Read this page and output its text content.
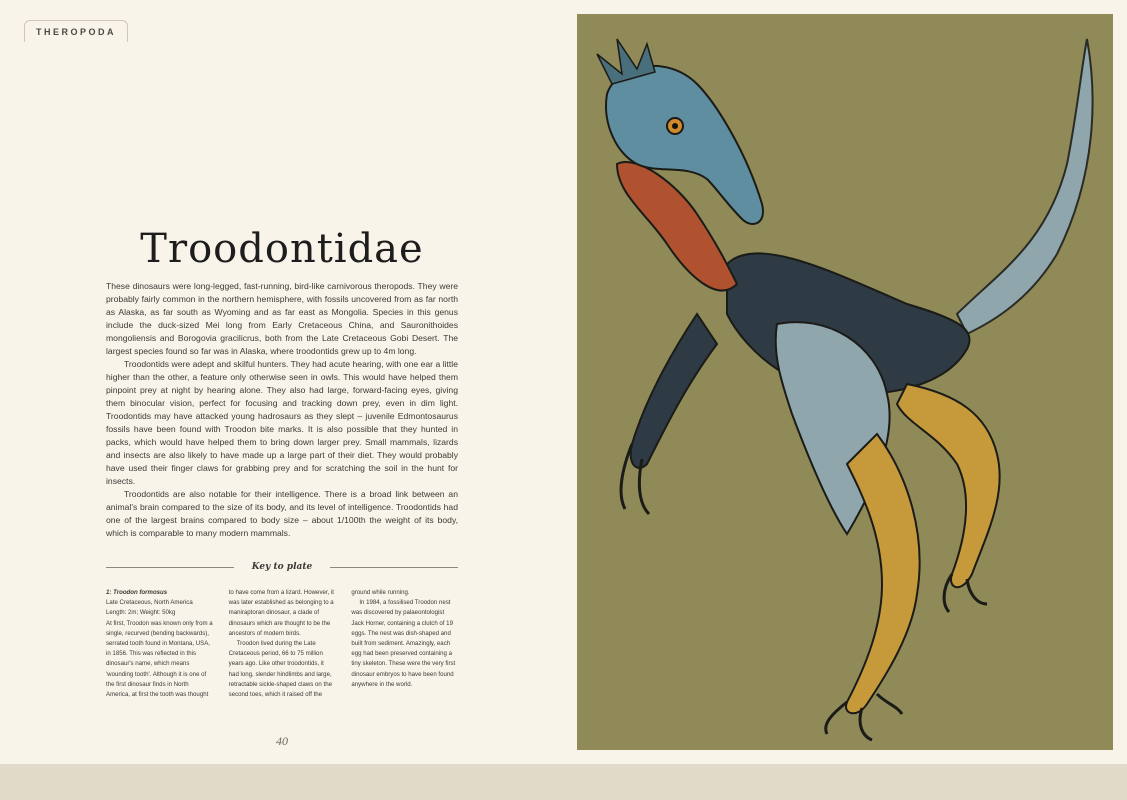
THEROPODA
Troodontidae

These dinosaurs were long-legged, fast-running, bird-like carnivorous theropods. They were probably fairly common in the northern hemisphere, with fossils uncovered from as far north as Alaska, as far south as Wyoming and as far east as Mongolia. Species in this genus include the duck-sized Mei long from Early Cretaceous China, and Sauronithoides mongoliensis and Borogovia gracilicrus, both from the Late Cretaceous Gobi Desert. The largest species found so far was in Alaska, where troodontids grew up to 4m long.

Troodontids were adept and skilful hunters. They had acute hearing, with one ear a little higher than the other, a feature only otherwise seen in owls. This would have helped them pinpoint prey at night by hearing alone. They also had large, forward-facing eyes, giving them binocular vision, perfect for focusing and tracking down prey, even in dim light. Troodontids may have attacked young hadrosaurs as they slept – juvenile Edmontosaurus fossils have been found with Troodon bite marks. It is also possible that they hunted in packs, which would have helped them to bring down larger prey. Small mammals, lizards and insects are also likely to have made up a large part of their diet. They would probably have used their finger claws for grabbing prey and for scratching the soil in the hunt for insects.

Troodontids are also notable for their intelligence. There is a broad link between an animal's brain compared to the size of its body, and its level of intelligence. Troodontids had one of the largest brains compared to body size – about 1/100th the weight of its body, which is comparable to many modern mammals.

Key to plate

1: Troodon formosus

Late Cretaceous, North America

Length: 2m; Weight: 50kg

At first, Troodon was known only from a single, recurved (bending backwards), serrated tooth found in Montana, USA, in 1856. This was reflected in this dinosaur's name, which means 'wounding tooth'. Although it is one of the first dinosaur finds in North America, at first the tooth was thought

to have come from a lizard. However, it was later established as belonging to a maniraptoran dinosaur, a clade of dinosaurs which are thought to be the ancestors of modern birds.

Troodon lived during the Late Cretaceous period, 66 to 75 million years ago. Like other troodontids, it had long, slender hindlimbs and large, retractable sickle-shaped claws on the second toes, which it raised off the

ground while running.

In 1984, a fossilised Troodon nest was discovered by palaeontologist Jack Horner, containing a clutch of 19 eggs. The nest was dish-shaped and built from sediment. Amazingly, each egg had been preserved containing a tiny skeleton. These were the very first dinosaur embryos to have been found anywhere in the world.

40
